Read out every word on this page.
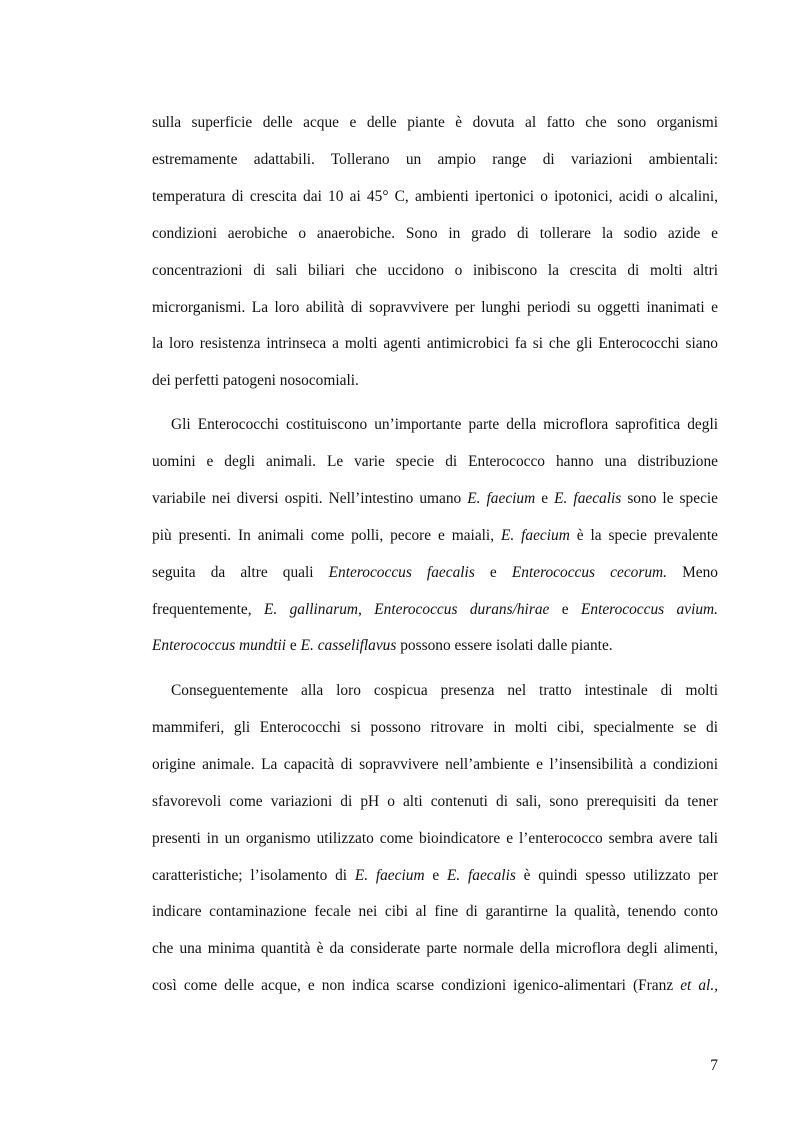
sulla superficie delle acque e delle piante è dovuta al fatto che sono organismi
estremamente adattabili. Tollerano un ampio range di variazioni ambientali:
temperatura di crescita dai 10 ai 45° C, ambienti ipertonici o ipotonici, acidi o alcalini,
condizioni aerobiche o anaerobiche. Sono in grado di tollerare la sodio azide e
concentrazioni di sali biliari che uccidono o inibiscono la crescita di molti altri
microrganismi. La loro abilità di sopravvivere per lunghi periodi su oggetti inanimati e
la loro resistenza intrinseca a molti agenti antimicrobici fa si che gli Enterococchi siano
dei perfetti patogeni nosocomiali.
Gli Enterococchi costituiscono un’importante parte della microflora saprofitica degli
uomini e degli animali. Le varie specie di Enterococco hanno una distribuzione
variabile nei diversi ospiti. Nell’intestino umano E. faecium e E. faecalis sono le specie
più presenti. In animali come polli, pecore e maiali, E. faecium è la specie prevalente
seguita da altre quali Enterococcus faecalis e Enterococcus cecorum. Meno
frequentemente, E. gallinarum, Enterococcus durans/hirae e Enterococcus avium.
Enterococcus mundtii e E. casseliflavus possono essere isolati dalle piante.
Conseguentemente alla loro cospicua presenza nel tratto intestinale di molti
mammiferi, gli Enterococchi si possono ritrovare in molti cibi, specialmente se di
origine animale. La capacità di sopravvivere nell’ambiente e l’insensibilità a condizioni
sfavorevoli come variazioni di pH o alti contenuti di sali, sono prerequisiti da tener
presenti in un organismo utilizzato come bioindicatore e l’enterococco sembra avere tali
caratteristiche; l’isolamento di E. faecium e E. faecalis è quindi spesso utilizzato per
indicare contaminazione fecale nei cibi al fine di garantirne la qualità, tenendo conto
che una minima quantità è da considerate parte normale della microflora degli alimenti,
così come delle acque, e non indica scarse condizioni igenico-alimentari (Franz et al.,
7
